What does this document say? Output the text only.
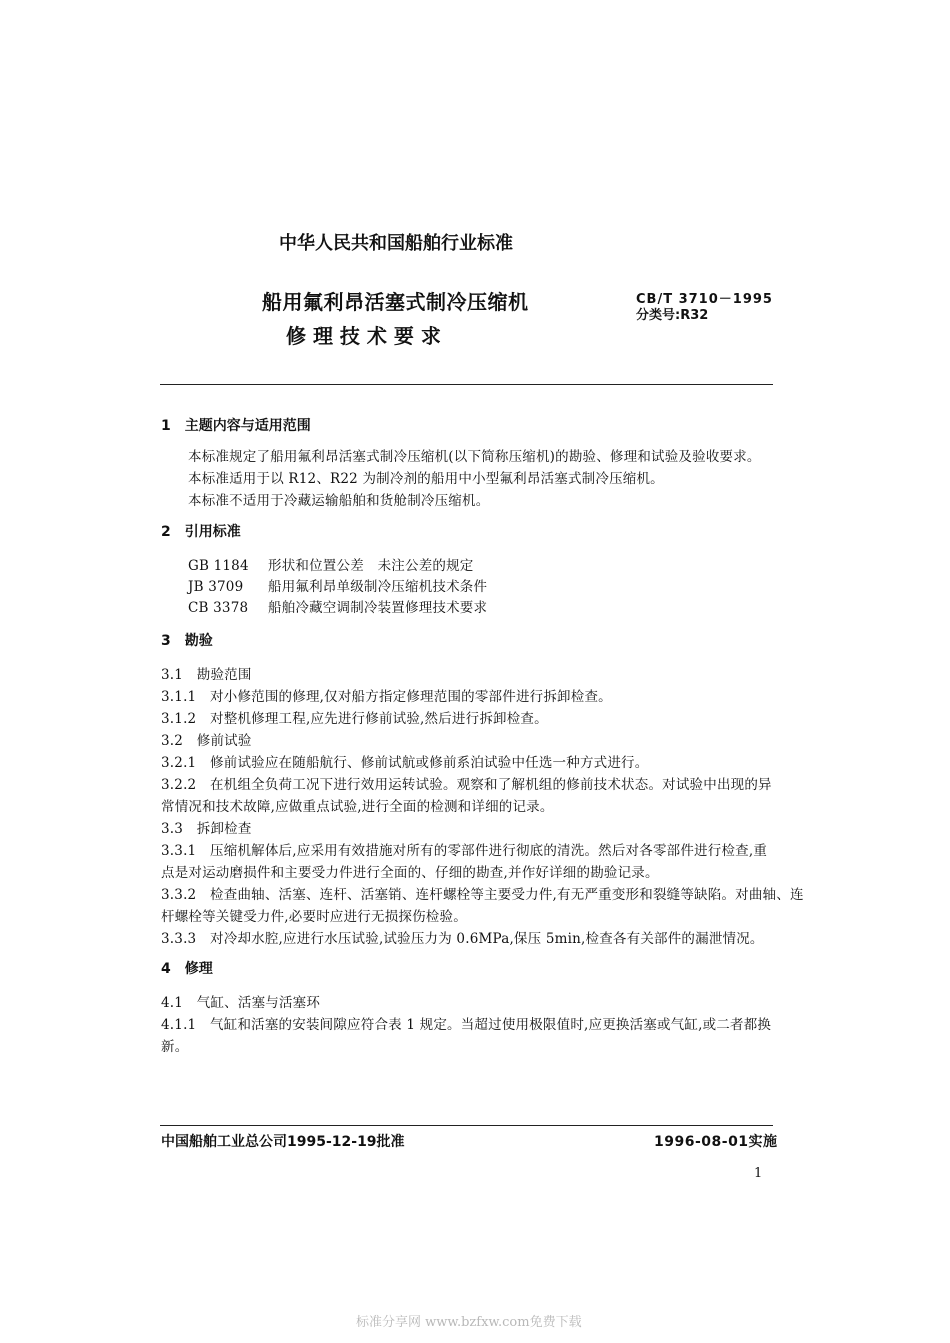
中华人民共和国船舶行业标准
船用氟利昂活塞式制冷压缩机
修 理 技 术 要 求
CB/T 3710－1995
分类号:R32
1　主题内容与适用范围
本标准规定了船用氟利昂活塞式制冷压缩机(以下简称压缩机)的勘验、修理和试验及验收要求。
本标准适用于以 R12、R22 为制冷剂的船用中小型氟利昂活塞式制冷压缩机。
本标准不适用于冷藏运输船舶和货舱制冷压缩机。
2　引用标准
GB 1184 形状和位置公差　未注公差的规定
JB 3709 船用氟利昂单级制冷压缩机技术条件
CB 3378 船舶冷藏空调制冷装置修理技术要求
3　勘验
3.1　勘验范围
3.1.1　对小修范围的修理,仅对船方指定修理范围的零部件进行拆卸检查。
3.1.2　对整机修理工程,应先进行修前试验,然后进行拆卸检查。
3.2　修前试验
3.2.1　修前试验应在随船航行、修前试航或修前系泊试验中任选一种方式进行。
3.2.2　在机组全负荷工况下进行效用运转试验。观察和了解机组的修前技术状态。对试验中出现的异
常情况和技术故障,应做重点试验,进行全面的检测和详细的记录。
3.3　拆卸检查
3.3.1　压缩机解体后,应采用有效措施对所有的零部件进行彻底的清洗。然后对各零部件进行检查,重
点是对运动磨损件和主要受力件进行全面的、仔细的勘查,并作好详细的勘验记录。
3.3.2　检查曲轴、活塞、连杆、活塞销、连杆螺栓等主要受力件,有无严重变形和裂缝等缺陷。对曲轴、连
杆螺栓等关键受力件,必要时应进行无损探伤检验。
3.3.3　对冷却水腔,应进行水压试验,试验压力为 0.6MPa,保压 5min,检查各有关部件的漏泄情况。
4　修理
4.1　气缸、活塞与活塞环
4.1.1　气缸和活塞的安装间隙应符合表 1 规定。当超过使用极限值时,应更换活塞或气缸,或二者都换
新。
中国船舶工业总公司1995-12-19批准	1996-08-01实施
1
标准分享网 www.bzfxw.com免费下载
